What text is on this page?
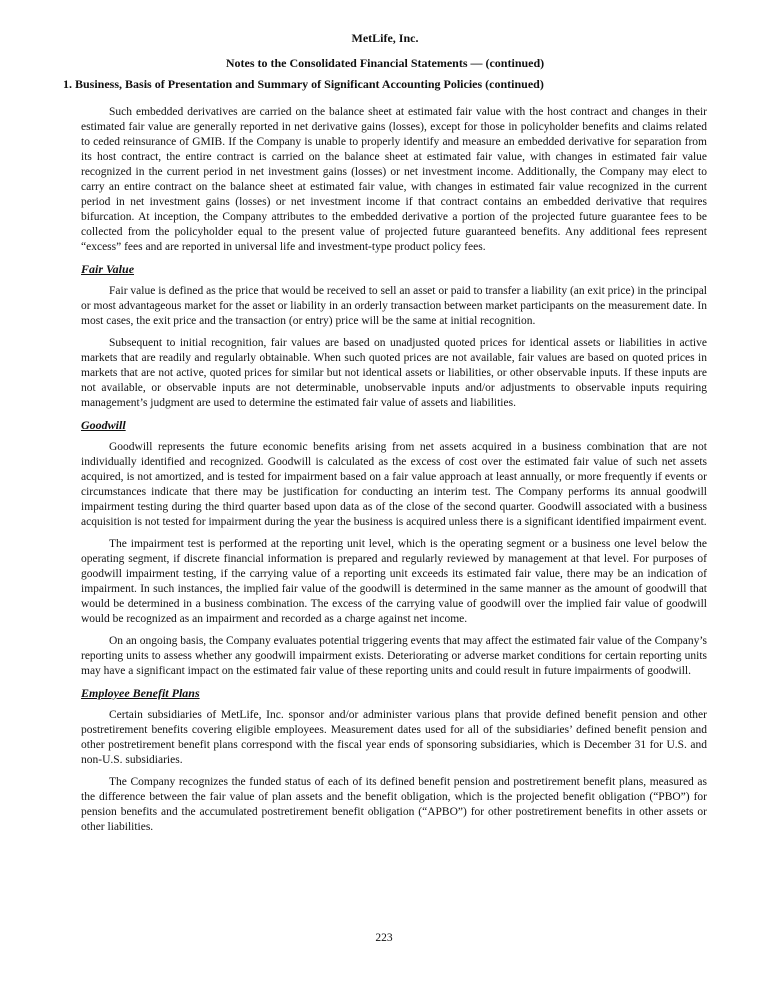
MetLife, Inc.
Notes to the Consolidated Financial Statements — (continued)
1. Business, Basis of Presentation and Summary of Significant Accounting Policies (continued)

Such embedded derivatives are carried on the balance sheet at estimated fair value with the host contract and changes in their estimated fair value are generally reported in net derivative gains (losses), except for those in policyholder benefits and claims related to ceded reinsurance of GMIB. If the Company is unable to properly identify and measure an embedded derivative for separation from its host contract, the entire contract is carried on the balance sheet at estimated fair value, with changes in estimated fair value recognized in the current period in net investment gains (losses) or net investment income. Additionally, the Company may elect to carry an entire contract on the balance sheet at estimated fair value, with changes in estimated fair value recognized in the current period in net investment gains (losses) or net investment income if that contract contains an embedded derivative that requires bifurcation. At inception, the Company attributes to the embedded derivative a portion of the projected future guarantee fees to be collected from the policyholder equal to the present value of projected future guaranteed benefits. Any additional fees represent “excess” fees and are reported in universal life and investment-type product policy fees.

Fair Value

Fair value is defined as the price that would be received to sell an asset or paid to transfer a liability (an exit price) in the principal or most advantageous market for the asset or liability in an orderly transaction between market participants on the measurement date. In most cases, the exit price and the transaction (or entry) price will be the same at initial recognition.

Subsequent to initial recognition, fair values are based on unadjusted quoted prices for identical assets or liabilities in active markets that are readily and regularly obtainable. When such quoted prices are not available, fair values are based on quoted prices in markets that are not active, quoted prices for similar but not identical assets or liabilities, or other observable inputs. If these inputs are not available, or observable inputs are not determinable, unobservable inputs and/or adjustments to observable inputs requiring management’s judgment are used to determine the estimated fair value of assets and liabilities.

Goodwill

Goodwill represents the future economic benefits arising from net assets acquired in a business combination that are not individually identified and recognized. Goodwill is calculated as the excess of cost over the estimated fair value of such net assets acquired, is not amortized, and is tested for impairment based on a fair value approach at least annually, or more frequently if events or circumstances indicate that there may be justification for conducting an interim test. The Company performs its annual goodwill impairment testing during the third quarter based upon data as of the close of the second quarter. Goodwill associated with a business acquisition is not tested for impairment during the year the business is acquired unless there is a significant identified impairment event.

The impairment test is performed at the reporting unit level, which is the operating segment or a business one level below the operating segment, if discrete financial information is prepared and regularly reviewed by management at that level. For purposes of goodwill impairment testing, if the carrying value of a reporting unit exceeds its estimated fair value, there may be an indication of impairment. In such instances, the implied fair value of the goodwill is determined in the same manner as the amount of goodwill that would be determined in a business combination. The excess of the carrying value of goodwill over the implied fair value of goodwill would be recognized as an impairment and recorded as a charge against net income.

On an ongoing basis, the Company evaluates potential triggering events that may affect the estimated fair value of the Company’s reporting units to assess whether any goodwill impairment exists. Deteriorating or adverse market conditions for certain reporting units may have a significant impact on the estimated fair value of these reporting units and could result in future impairments of goodwill.

Employee Benefit Plans

Certain subsidiaries of MetLife, Inc. sponsor and/or administer various plans that provide defined benefit pension and other postretirement benefits covering eligible employees. Measurement dates used for all of the subsidiaries’ defined benefit pension and other postretirement benefit plans correspond with the fiscal year ends of sponsoring subsidiaries, which is December 31 for U.S. and non-U.S. subsidiaries.

The Company recognizes the funded status of each of its defined benefit pension and postretirement benefit plans, measured as the difference between the fair value of plan assets and the benefit obligation, which is the projected benefit obligation (“PBO”) for pension benefits and the accumulated postretirement benefit obligation (“APBO”) for other postretirement benefits in other assets or other liabilities.

223
